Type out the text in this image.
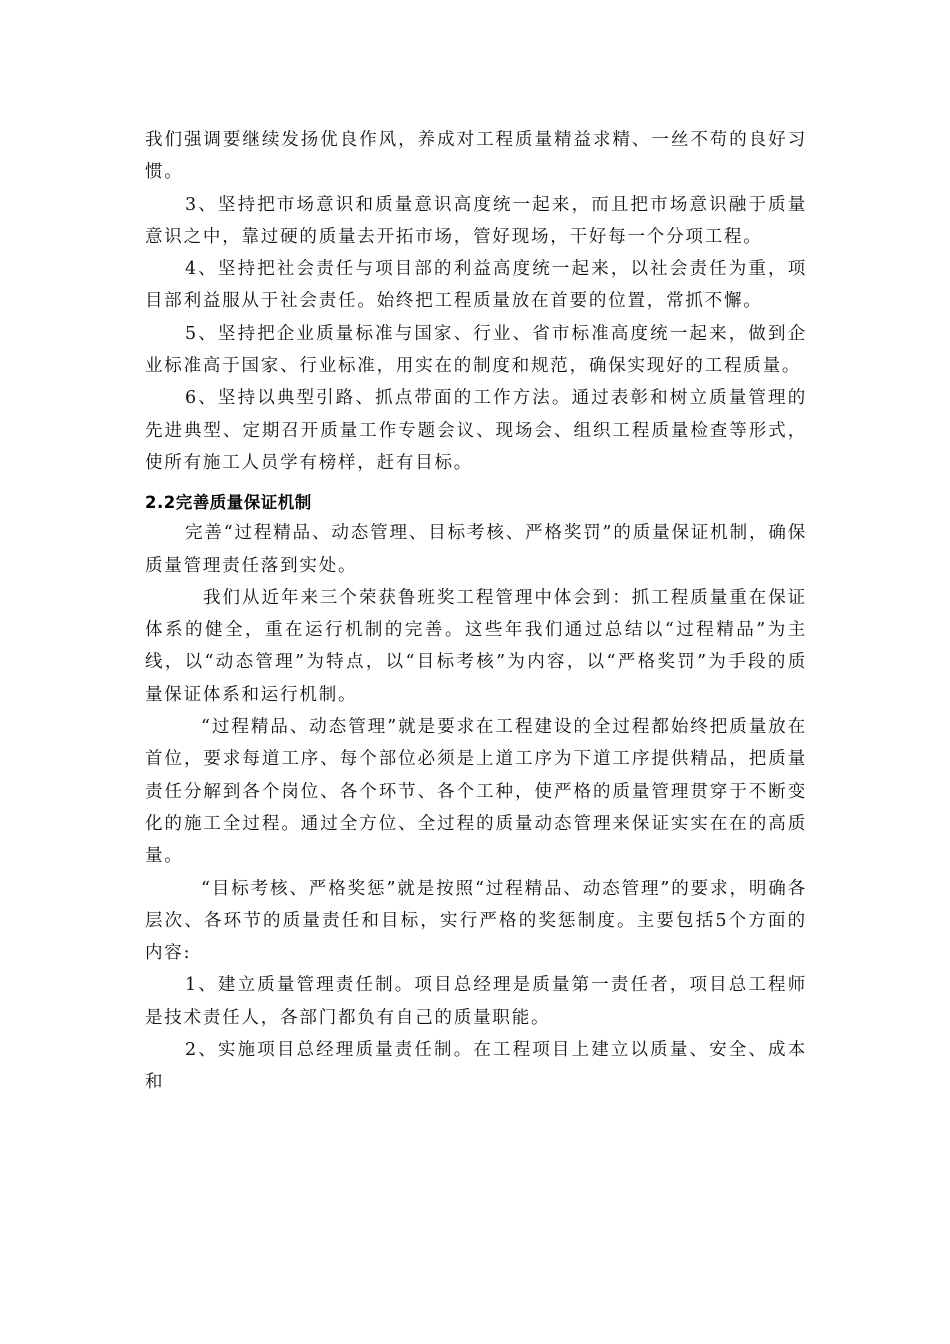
我们强调要继续发扬优良作风，养成对工程质量精益求精、一丝不苟的良好习惯。

3、坚持把市场意识和质量意识高度统一起来，而且把市场意识融于质量意识之中，靠过硬的质量去开拓市场，管好现场，干好每一个分项工程。

4、坚持把社会责任与项目部的利益高度统一起来，以社会责任为重，项目部利益服从于社会责任。始终把工程质量放在首要的位置，常抓不懈。

5、坚持把企业质量标准与国家、行业、省市标准高度统一起来，做到企业标准高于国家、行业标准，用实在的制度和规范，确保实现好的工程质量。

6、坚持以典型引路、抓点带面的工作方法。通过表彰和树立质量管理的先进典型、定期召开质量工作专题会议、现场会、组织工程质量检查等形式，使所有施工人员学有榜样，赶有目标。

2.2完善质量保证机制

完善“过程精品、动态管理、目标考核、严格奖罚”的质量保证机制，确保质量管理责任落到实处。

我们从近年来三个荣获鲁班奖工程管理中体会到：抓工程质量重在保证体系的健全，重在运行机制的完善。这些年我们通过总结以“过程精品”为主线，以“动态管理”为特点，以“目标考核”为内容，以“严格奖罚”为手段的质量保证体系和运行机制。

“过程精品、动态管理”就是要求在工程建设的全过程都始终把质量放在首位，要求每道工序、每个部位必须是上道工序为下道工序提供精品，把质量责任分解到各个岗位、各个环节、各个工种，使严格的质量管理贯穿于不断变化的施工全过程。通过全方位、全过程的质量动态管理来保证实实在在的高质量。

“目标考核、严格奖惩”就是按照“过程精品、动态管理”的要求，明确各层次、各环节的质量责任和目标，实行严格的奖惩制度。主要包括5个方面的内容:

1、建立质量管理责任制。项目总经理是质量第一责任者，项目总工程师是技术责任人，各部门都负有自己的质量职能。

2、实施项目总经理质量责任制。在工程项目上建立以质量、安全、成本和
